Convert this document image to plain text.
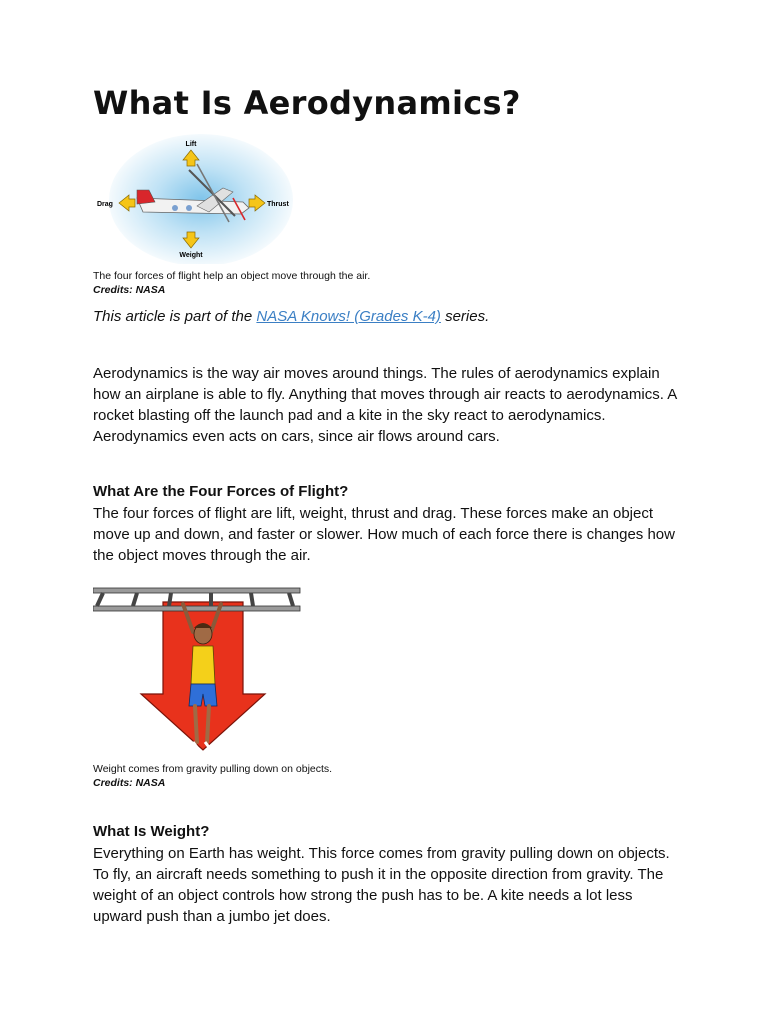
What Is Aerodynamics?
Lift
Weight
Drag	Thrust
The four forces of flight help an object move through the air.
Credits: NASA
This article is part of the NASA Knows! (Grades K-4) series.

Aerodynamics is the way air moves around things. The rules of aerodynamics explain how an airplane is able to fly. Anything that moves through air reacts to aerodynamics. A rocket blasting off the launch pad and a kite in the sky react to aerodynamics. Aerodynamics even acts on cars, since air flows around cars.

What Are the Four Forces of Flight?

The four forces of flight are lift, weight, thrust and drag. These forces make an object move up and down, and faster or slower. How much of each force there is changes how the object moves through the air.

Weight comes from gravity pulling down on objects.
Credits: NASA
What Is Weight?

Everything on Earth has weight. This force comes from gravity pulling down on objects. To fly, an aircraft needs something to push it in the opposite direction from gravity. The weight of an object controls how strong the push has to be. A kite needs a lot less upward push than a jumbo jet does.
